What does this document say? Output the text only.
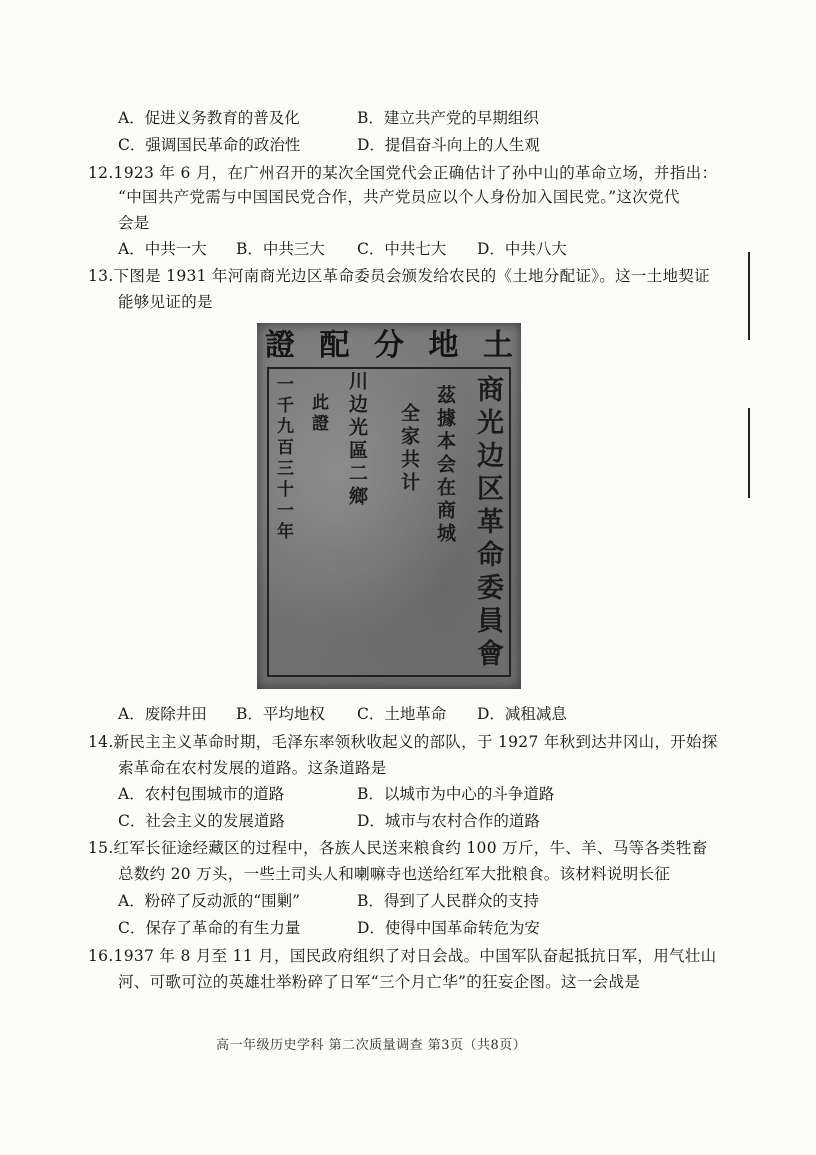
A．促进义务教育的普及化	B．建立共产党的早期组织
C．强调国民革命的政治性	D．提倡奋斗向上的人生观
12.1923 年 6 月，在广州召开的某次全国党代会正确估计了孙中山的革命立场，并指出：
“中国共产党需与中国国民党合作，共产党员应以个人身份加入国民党。”这次党代
会是
A．中共一大 B．中共三大 C．中共七大 D．中共八大
13.下图是 1931 年河南商光边区革命委员会颁发给农民的《土地分配证》。这一土地契证
能够见证的是
土
地
分
配
證
商光边区革命委員會
茲據本会在商城
全家共计
川边光區二鄉
此證
一千九百三十一年
A．废除井田 B．平均地权 C．土地革命 D．减租减息
14.新民主主义革命时期，毛泽东率领秋收起义的部队，于 1927 年秋到达井冈山，开始探
索革命在农村发展的道路。这条道路是
A．农村包围城市的道路	B．以城市为中心的斗争道路
C．社会主义的发展道路	D．城市与农村合作的道路
15.红军长征途经藏区的过程中，各族人民送来粮食约 100 万斤，牛、羊、马等各类牲畜
总数约 20 万头，一些土司头人和喇嘛寺也送给红军大批粮食。该材料说明长征
A．粉碎了反动派的“围剿”	B．得到了人民群众的支持
C．保存了革命的有生力量	D．使得中国革命转危为安
16.1937 年 8 月至 11 月，国民政府组织了对日会战。中国军队奋起抵抗日军，用气壮山
河、可歌可泣的英雄壮举粉碎了日军“三个月亡华”的狂妄企图。这一会战是
高一年级历史学科 第二次质量调查 第3页（共8页）
